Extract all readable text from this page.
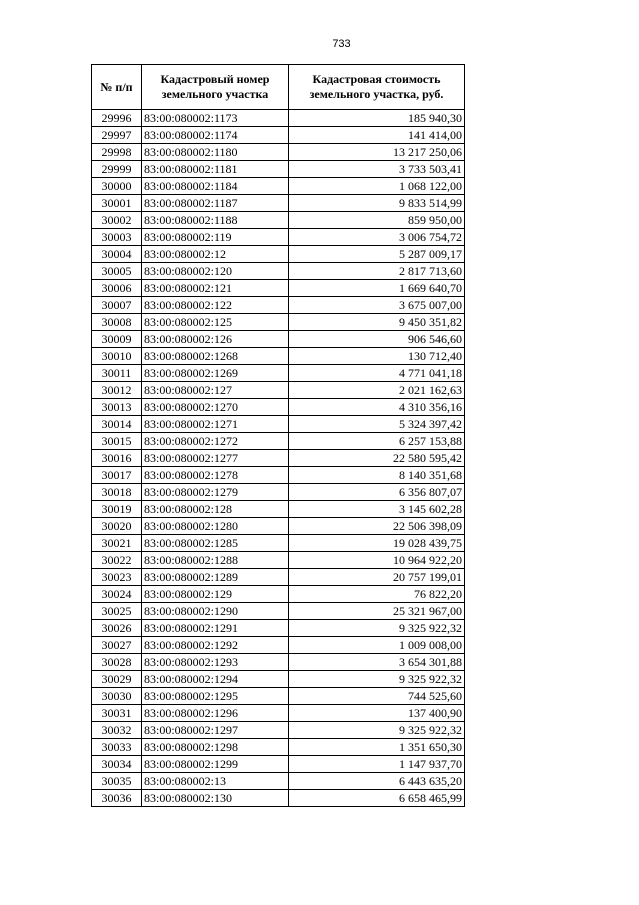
733
№ п/п	Кадастровый номер земельного участка	Кадастровая стоимость земельного участка, руб.
29996	83:00:080002:1173	185 940,30
29997	83:00:080002:1174	141 414,00
29998	83:00:080002:1180	13 217 250,06
29999	83:00:080002:1181	3 733 503,41
30000	83:00:080002:1184	1 068 122,00
30001	83:00:080002:1187	9 833 514,99
30002	83:00:080002:1188	859 950,00
30003	83:00:080002:119	3 006 754,72
30004	83:00:080002:12	5 287 009,17
30005	83:00:080002:120	2 817 713,60
30006	83:00:080002:121	1 669 640,70
30007	83:00:080002:122	3 675 007,00
30008	83:00:080002:125	9 450 351,82
30009	83:00:080002:126	906 546,60
30010	83:00:080002:1268	130 712,40
30011	83:00:080002:1269	4 771 041,18
30012	83:00:080002:127	2 021 162,63
30013	83:00:080002:1270	4 310 356,16
30014	83:00:080002:1271	5 324 397,42
30015	83:00:080002:1272	6 257 153,88
30016	83:00:080002:1277	22 580 595,42
30017	83:00:080002:1278	8 140 351,68
30018	83:00:080002:1279	6 356 807,07
30019	83:00:080002:128	3 145 602,28
30020	83:00:080002:1280	22 506 398,09
30021	83:00:080002:1285	19 028 439,75
30022	83:00:080002:1288	10 964 922,20
30023	83:00:080002:1289	20 757 199,01
30024	83:00:080002:129	76 822,20
30025	83:00:080002:1290	25 321 967,00
30026	83:00:080002:1291	9 325 922,32
30027	83:00:080002:1292	1 009 008,00
30028	83:00:080002:1293	3 654 301,88
30029	83:00:080002:1294	9 325 922,32
30030	83:00:080002:1295	744 525,60
30031	83:00:080002:1296	137 400,90
30032	83:00:080002:1297	9 325 922,32
30033	83:00:080002:1298	1 351 650,30
30034	83:00:080002:1299	1 147 937,70
30035	83:00:080002:13	6 443 635,20
30036	83:00:080002:130	6 658 465,99
